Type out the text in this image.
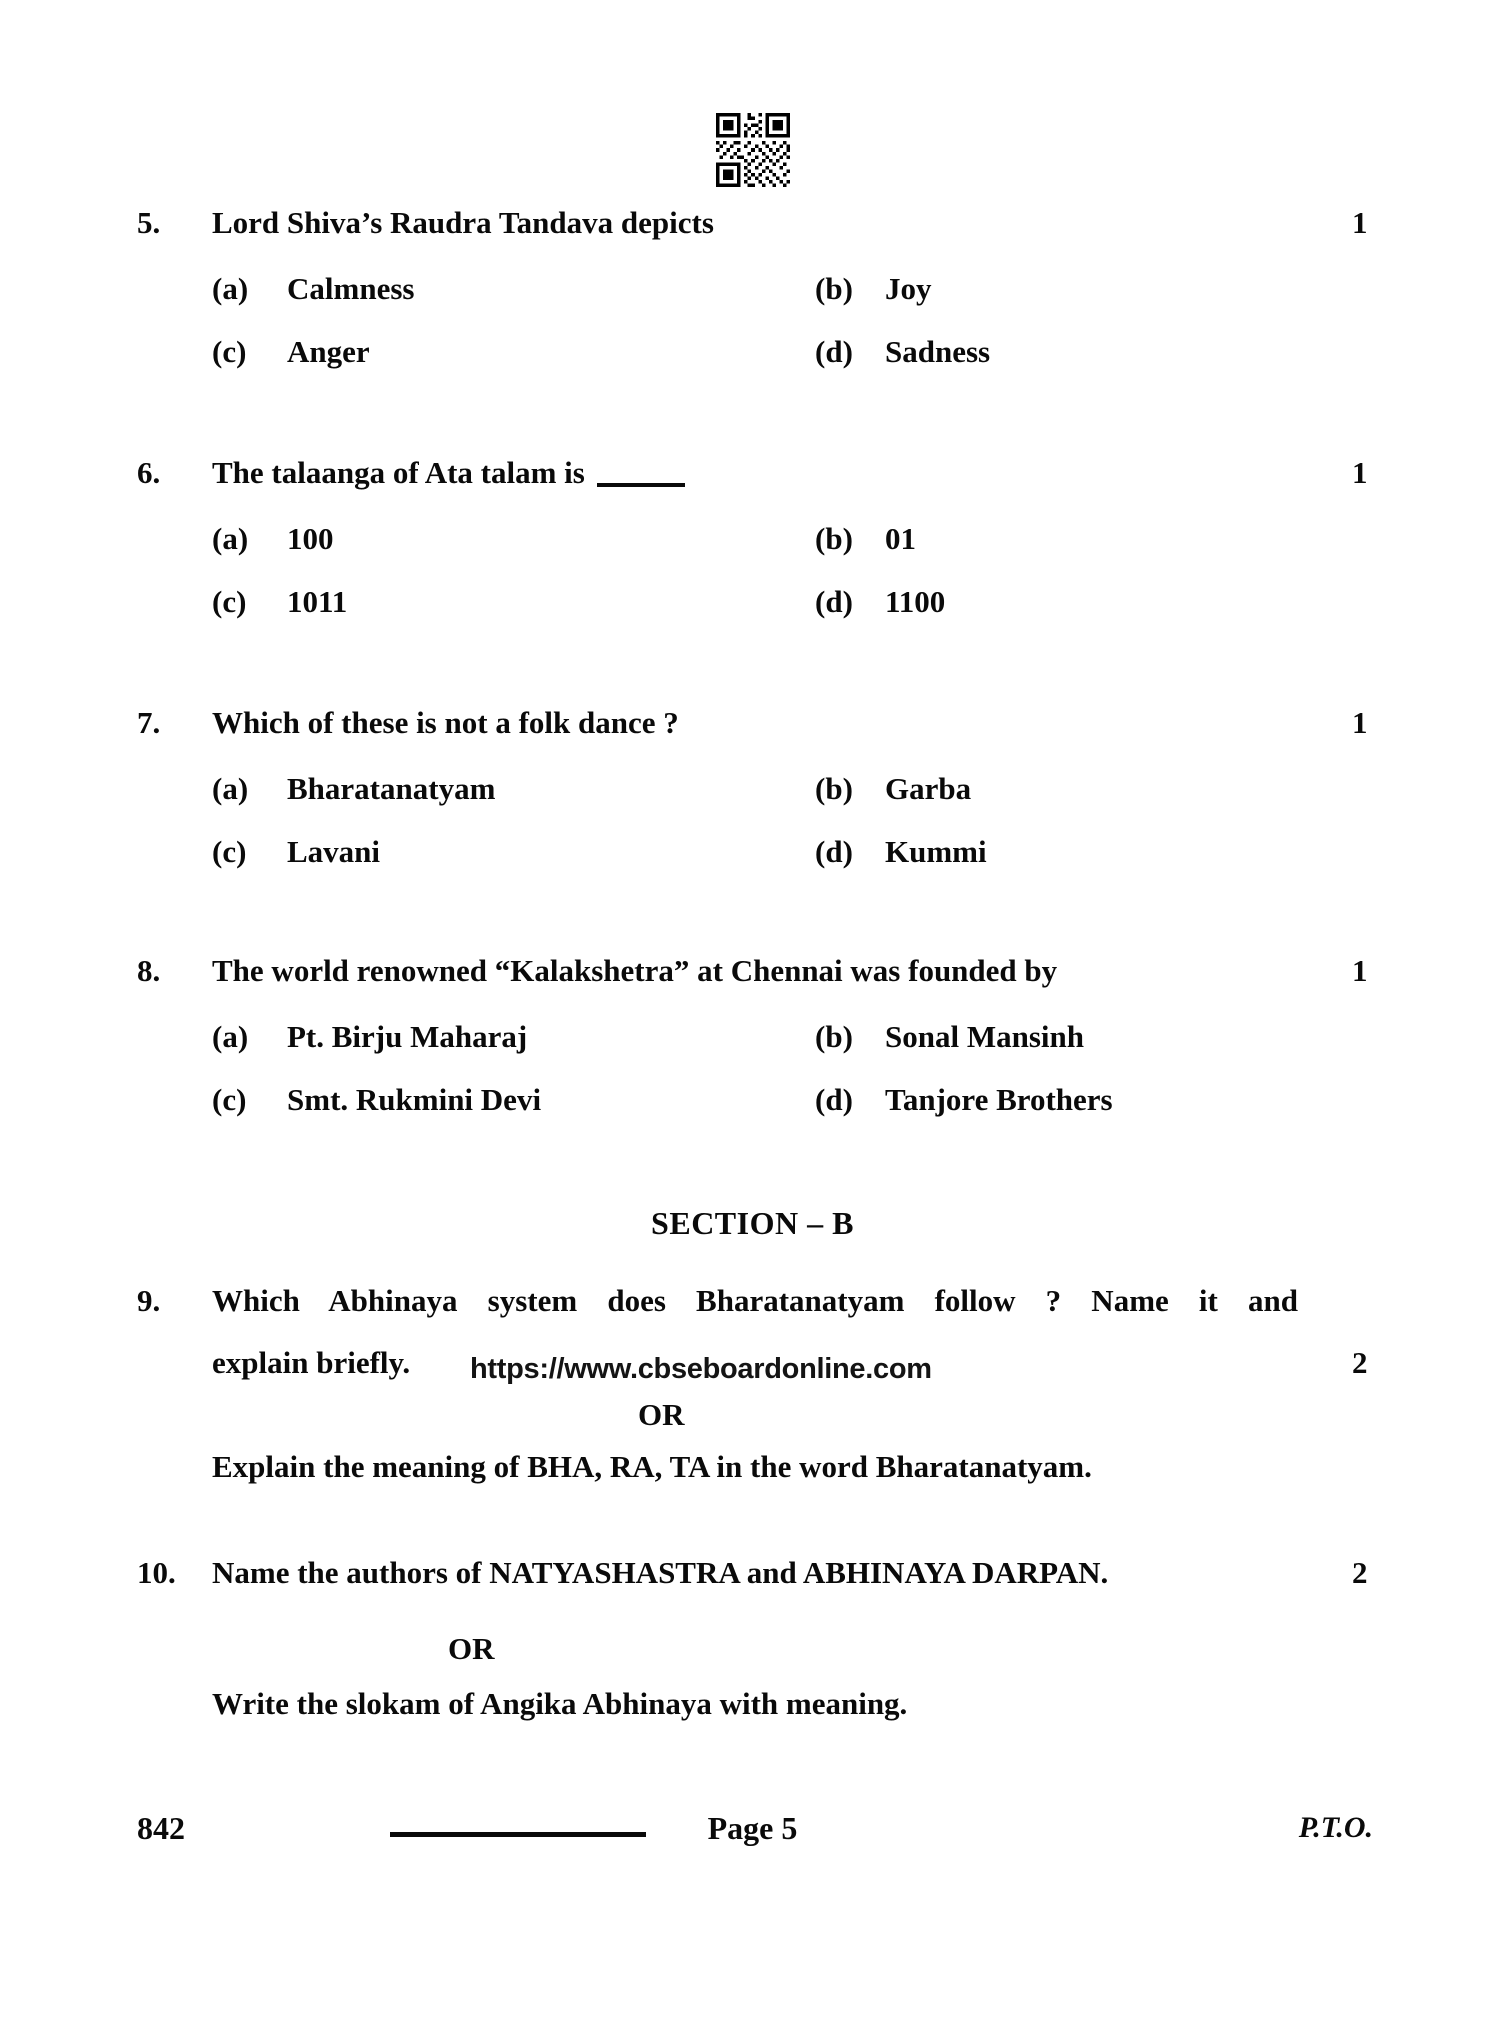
5. Lord Shiva’s Raudra Tandava depicts	1
(a) Calmness	(b) Joy
(c) Anger	(d) Sadness
6. The talaanga of Ata talam is	1
(a) 100	(b) 01
(c) 1011	(d) 1100
7. Which of these is not a folk dance ?	1
(a) Bharatanatyam	(b) Garba
(c) Lavani	(d) Kummi
8. The world renowned “Kalakshetra” at Chennai was founded by	1
(a) Pt. Birju Maharaj	(b) Sonal Mansinh
(c) Smt. Rukmini Devi	(d) Tanjore Brothers
SECTION – B
9. Which Abhinaya system does Bharatanatyam follow ? Name it and
explain briefly. https://www.cbseboardonline.com	2
OR
Explain the meaning of BHA, RA, TA in the word Bharatanatyam.
10. Name the authors of NATYASHASTRA and ABHINAYA DARPAN.	2
OR
Write the slokam of Angika Abhinaya with meaning.
842	Page 5	P.T.O.
